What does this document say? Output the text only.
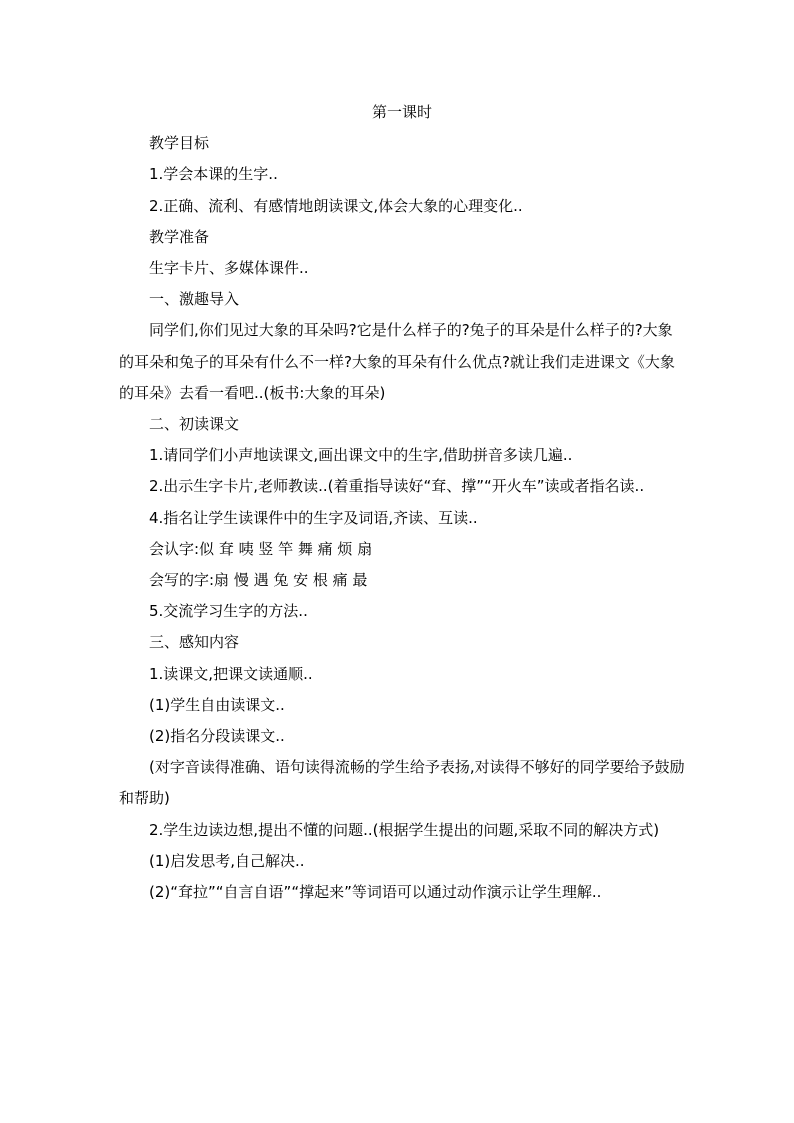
第一课时
教学目标
1.学会本课的生字..
2.正确、流利、有感情地朗读课文,体会大象的心理变化..
教学准备
生字卡片、多媒体课件..
一、激趣导入
同学们,你们见过大象的耳朵吗?它是什么样子的?兔子的耳朵是什么样子的?大象的耳朵和兔子的耳朵有什么不一样?大象的耳朵有什么优点?就让我们走进课文《大象的耳朵》去看一看吧..(板书:大象的耳朵)
二、初读课文
1.请同学们小声地读课文,画出课文中的生字,借助拼音多读几遍..
2.出示生字卡片,老师教读..(着重指导读好“耷、撑”“开火车”读或者指名读..
4.指名让学生读课件中的生字及词语,齐读、互读..
会认字:似 耷 咦 竖 竿 舞 痛 烦 扇
会写的字:扇 慢 遇 兔 安 根 痛 最
5.交流学习生字的方法..
三、感知内容
1.读课文,把课文读通顺..
(1)学生自由读课文..
(2)指名分段读课文..
(对字音读得准确、语句读得流畅的学生给予表扬,对读得不够好的同学要给予鼓励和帮助)
2.学生边读边想,提出不懂的问题..(根据学生提出的问题,采取不同的解决方式)
(1)启发思考,自己解决..
(2)“耷拉”“自言自语”“撑起来”等词语可以通过动作演示让学生理解..
